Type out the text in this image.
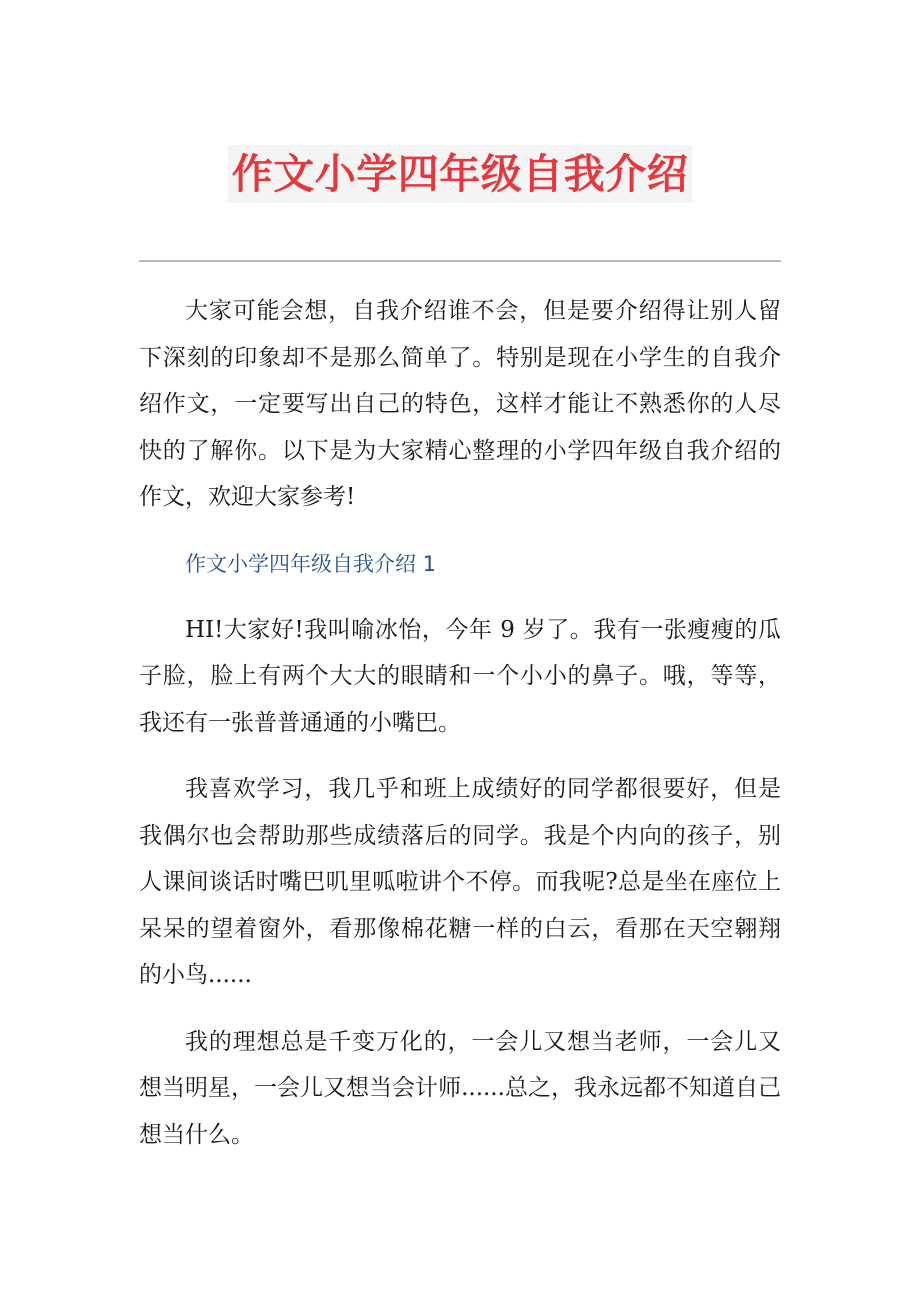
作文小学四年级自我介绍

大家可能会想，自我介绍谁不会，但是要介绍得让别人留下深刻的印象却不是那么简单了。特别是现在小学生的自我介绍作文，一定要写出自己的特色，这样才能让不熟悉你的人尽快的了解你。以下是为大家精心整理的小学四年级自我介绍的作文，欢迎大家参考!

作文小学四年级自我介绍 1

HI!大家好!我叫喻冰怡，今年 9 岁了。我有一张瘦瘦的瓜子脸，脸上有两个大大的眼睛和一个小小的鼻子。哦，等等，我还有一张普普通通的小嘴巴。

我喜欢学习，我几乎和班上成绩好的同学都很要好，但是我偶尔也会帮助那些成绩落后的同学。我是个内向的孩子，别人课间谈话时嘴巴叽里呱啦讲个不停。而我呢?总是坐在座位上呆呆的望着窗外，看那像棉花糖一样的白云，看那在天空翱翔的小鸟......

我的理想总是千变万化的，一会儿又想当老师，一会儿又想当明星，一会儿又想当会计师......总之，我永远都不知道自己想当什么。
